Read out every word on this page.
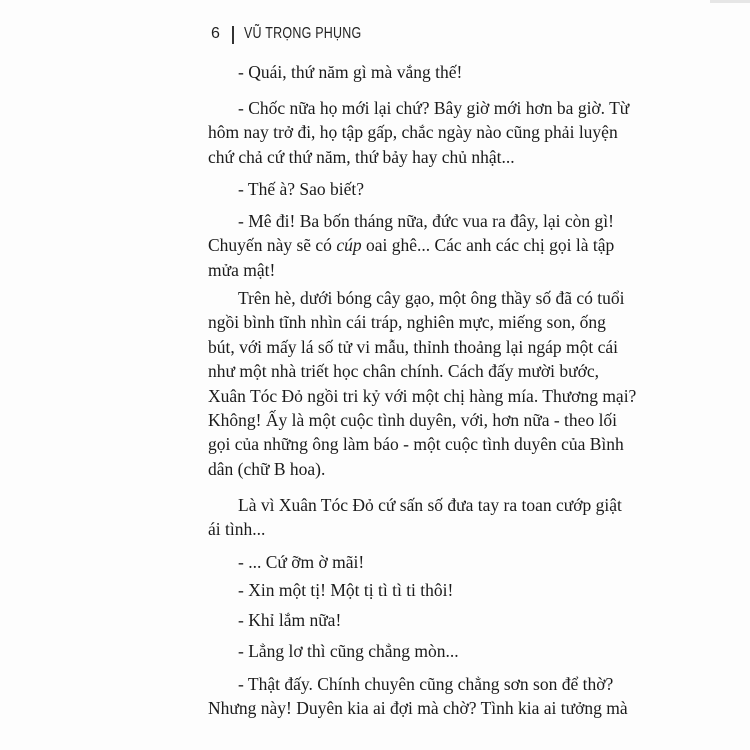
6 VŨ TRỌNG PHỤNG
- Quái, thứ năm gì mà vắng thế!
- Chốc nữa họ mới lại chứ? Bây giờ mới hơn ba giờ. Từ
hôm nay trở đi, họ tập gấp, chắc ngày nào cũng phải luyện
chứ chả cứ thứ năm, thứ bảy hay chủ nhật...
- Thế à? Sao biết?
- Mê đi! Ba bốn tháng nữa, đức vua ra đây, lại còn gì!
Chuyến này sẽ có cúp oai ghê... Các anh các chị gọi là tập
mửa mật!
Trên hè, dưới bóng cây gạo, một ông thầy số đã có tuổi
ngồi bình tĩnh nhìn cái tráp, nghiên mực, miếng son, ống
bút, với mấy lá số tử vi mẫu, thỉnh thoảng lại ngáp một cái
như một nhà triết học chân chính. Cách đấy mười bước,
Xuân Tóc Đỏ ngồi tri kỷ với một chị hàng mía. Thương mại?
Không! Ấy là một cuộc tình duyên, với, hơn nữa - theo lối
gọi của những ông làm báo - một cuộc tình duyên của Bình
dân (chữ B hoa).
Là vì Xuân Tóc Đỏ cứ sấn số đưa tay ra toan cướp giật
ái tình...
- ... Cứ ỡm ờ mãi!
- Xin một tị! Một tị tì tì ti thôi!
- Khỉ lắm nữa!
- Lẳng lơ thì cũng chẳng mòn...
- Thật đấy. Chính chuyên cũng chẳng sơn son để thờ?
Nhưng này! Duyên kia ai đợi mà chờ? Tình kia ai tưởng mà
